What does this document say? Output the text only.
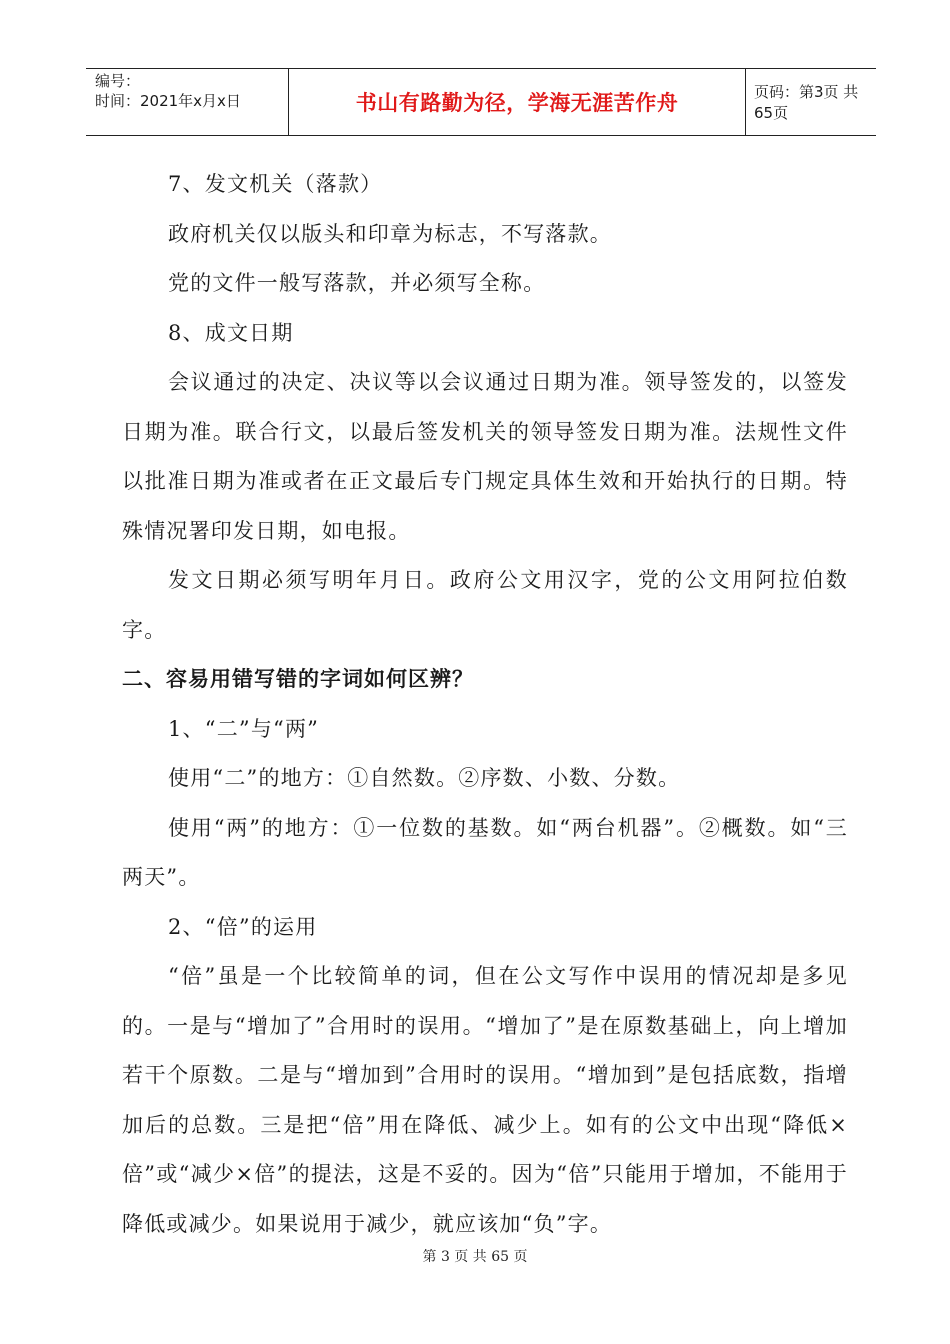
编号：
时间：2021年x月x日	书山有路勤为径，学海无涯苦作舟	页码：第3页 共65页

7、发文机关（落款）

政府机关仅以版头和印章为标志，不写落款。

党的文件一般写落款，并必须写全称。

8、成文日期

会议通过的决定、决议等以会议通过日期为准。领导签发的，以签发日期为准。联合行文，以最后签发机关的领导签发日期为准。法规性文件以批准日期为准或者在正文最后专门规定具体生效和开始执行的日期。特殊情况署印发日期，如电报。

发文日期必须写明年月日。政府公文用汉字，党的公文用阿拉伯数字。

二、容易用错写错的字词如何区辨？

1、“二”与“两”

使用“二”的地方：①自然数。②序数、小数、分数。

使用“两”的地方：①一位数的基数。如“两台机器”。②概数。如“三两天”。

2、“倍”的运用

“倍”虽是一个比较简单的词，但在公文写作中误用的情况却是多见的。一是与“增加了”合用时的误用。“增加了”是在原数基础上，向上增加若干个原数。二是与“增加到”合用时的误用。“增加到”是包括底数，指增加后的总数。三是把“倍”用在降低、减少上。如有的公文中出现“降低×倍”或“减少×倍”的提法，这是不妥的。因为“倍”只能用于增加，不能用于降低或减少。如果说用于减少，就应该加“负”字。

第 3 页 共 65 页
